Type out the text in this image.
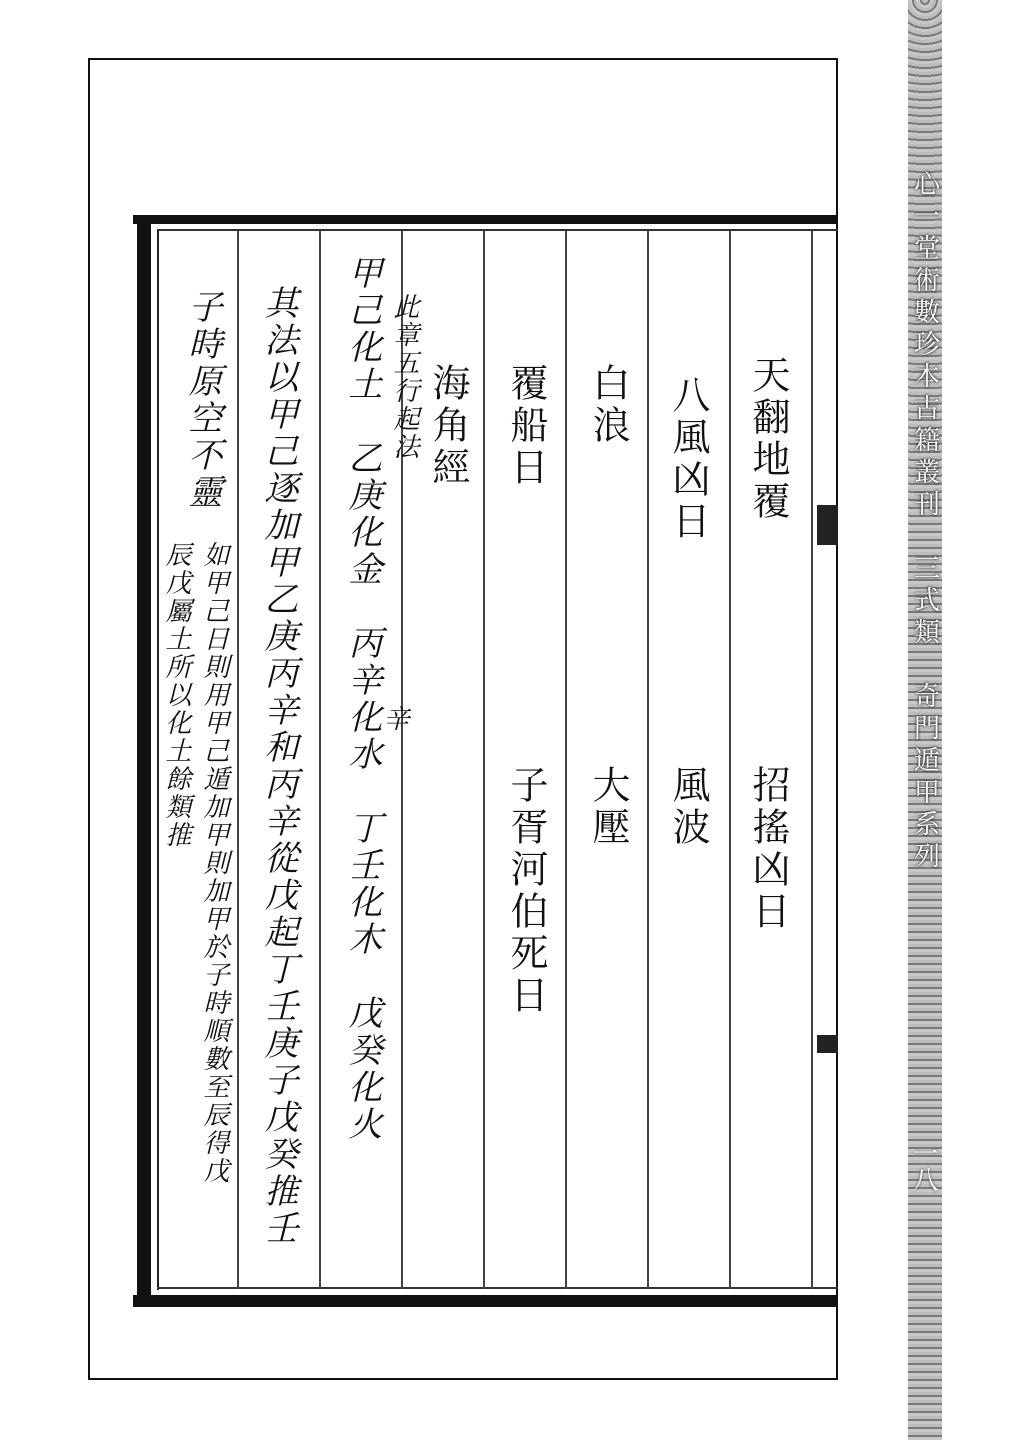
天翻地覆
招搖凶日
八風凶日
風波
白浪
大壓
覆船日
子胥河伯死日
海角經
此章五行起法
甲己化土　乙庚化金　丙辛化水　丁壬化木　戊癸化火
辛
其法以甲己逐加甲乙庚丙辛和丙辛從戊起丁壬庚子戊癸推壬
子時原空不靈
如甲己日則用甲己遁加甲則加甲於子時順數至辰得戊
辰戊屬土所以化土餘類推	心一堂術數珍本古籍叢刊　三式類　奇門遁甲系列
一八
